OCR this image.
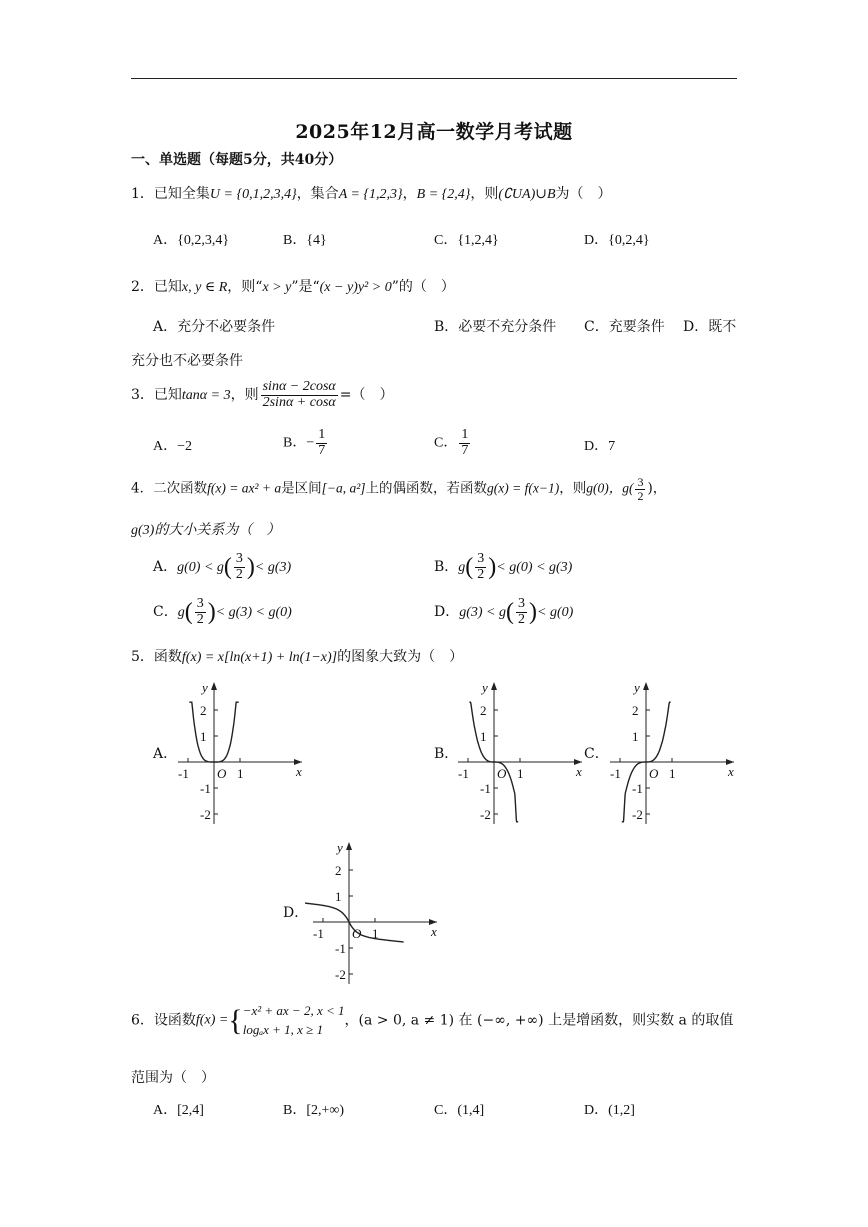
2025年12月高一数学月考试题
一、单选题（每题5分，共40分）
1．已知全集U = {0,1,2,3,4}，集合A = {1,2,3}，B = {2,4}，则(∁UA)∪B为（　）
A．{0,2,3,4}	B．{4}	C．{1,2,4}	D．{0,2,4}
2．已知x, y ∈ R，则“x > y”是“(x − y)y² > 0”的（　）
A．充分不必要条件	B．必要不充分条件 C．充要条件 D．既不
充分也不必要条件
3．已知tanα = 3，则 $\frac{\sin\alpha - 2\cos\alpha}{2\sin\alpha + \cos\alpha}$ =（　）
A．−2	B．− $\frac{1}{7}$	C． $\frac{1}{7}$	D．7
4．二次函数f(x) = ax² + a是区间[−a, a²]上的偶函数，若函数g(x) = f(x−1)，则g(0)，$g( \frac{3}{2}$ )，
g(3)的大小关系为（　）
A．$g(0) < g( \frac{3}{2}$ )< g(3)	B．$g( \frac{3}{2}$ )< g(0) < g(3)
C．$g( \frac{3}{2}$ )< g(3) < g(0)	D．$g(3) < g( \frac{3}{2}$ )< g(0)
5．函数f(x) = x[ln(x+1) + ln(1−x)]的图象大致为（　）
A．	B．	C．
D．
1
2
-1
-2
-1	1
O	x
y
1
2
-1
-2
-1	1
O	x
y
1
2
-1
-2
-1	1
O	x
y
1
2
-1
-2
-1	1
O	x
y
6．设函数f(x) ={ −x² + ax − 2, x < 1
logₐx + 1, x ≥ 1
，(a > 0, a ≠ 1) 在 (−∞, +∞) 上是增函数，则实数 a 的取值
范围为（　）
A．[2,4]	B．[2,+∞)	C．(1,4]	D．(1,2]
